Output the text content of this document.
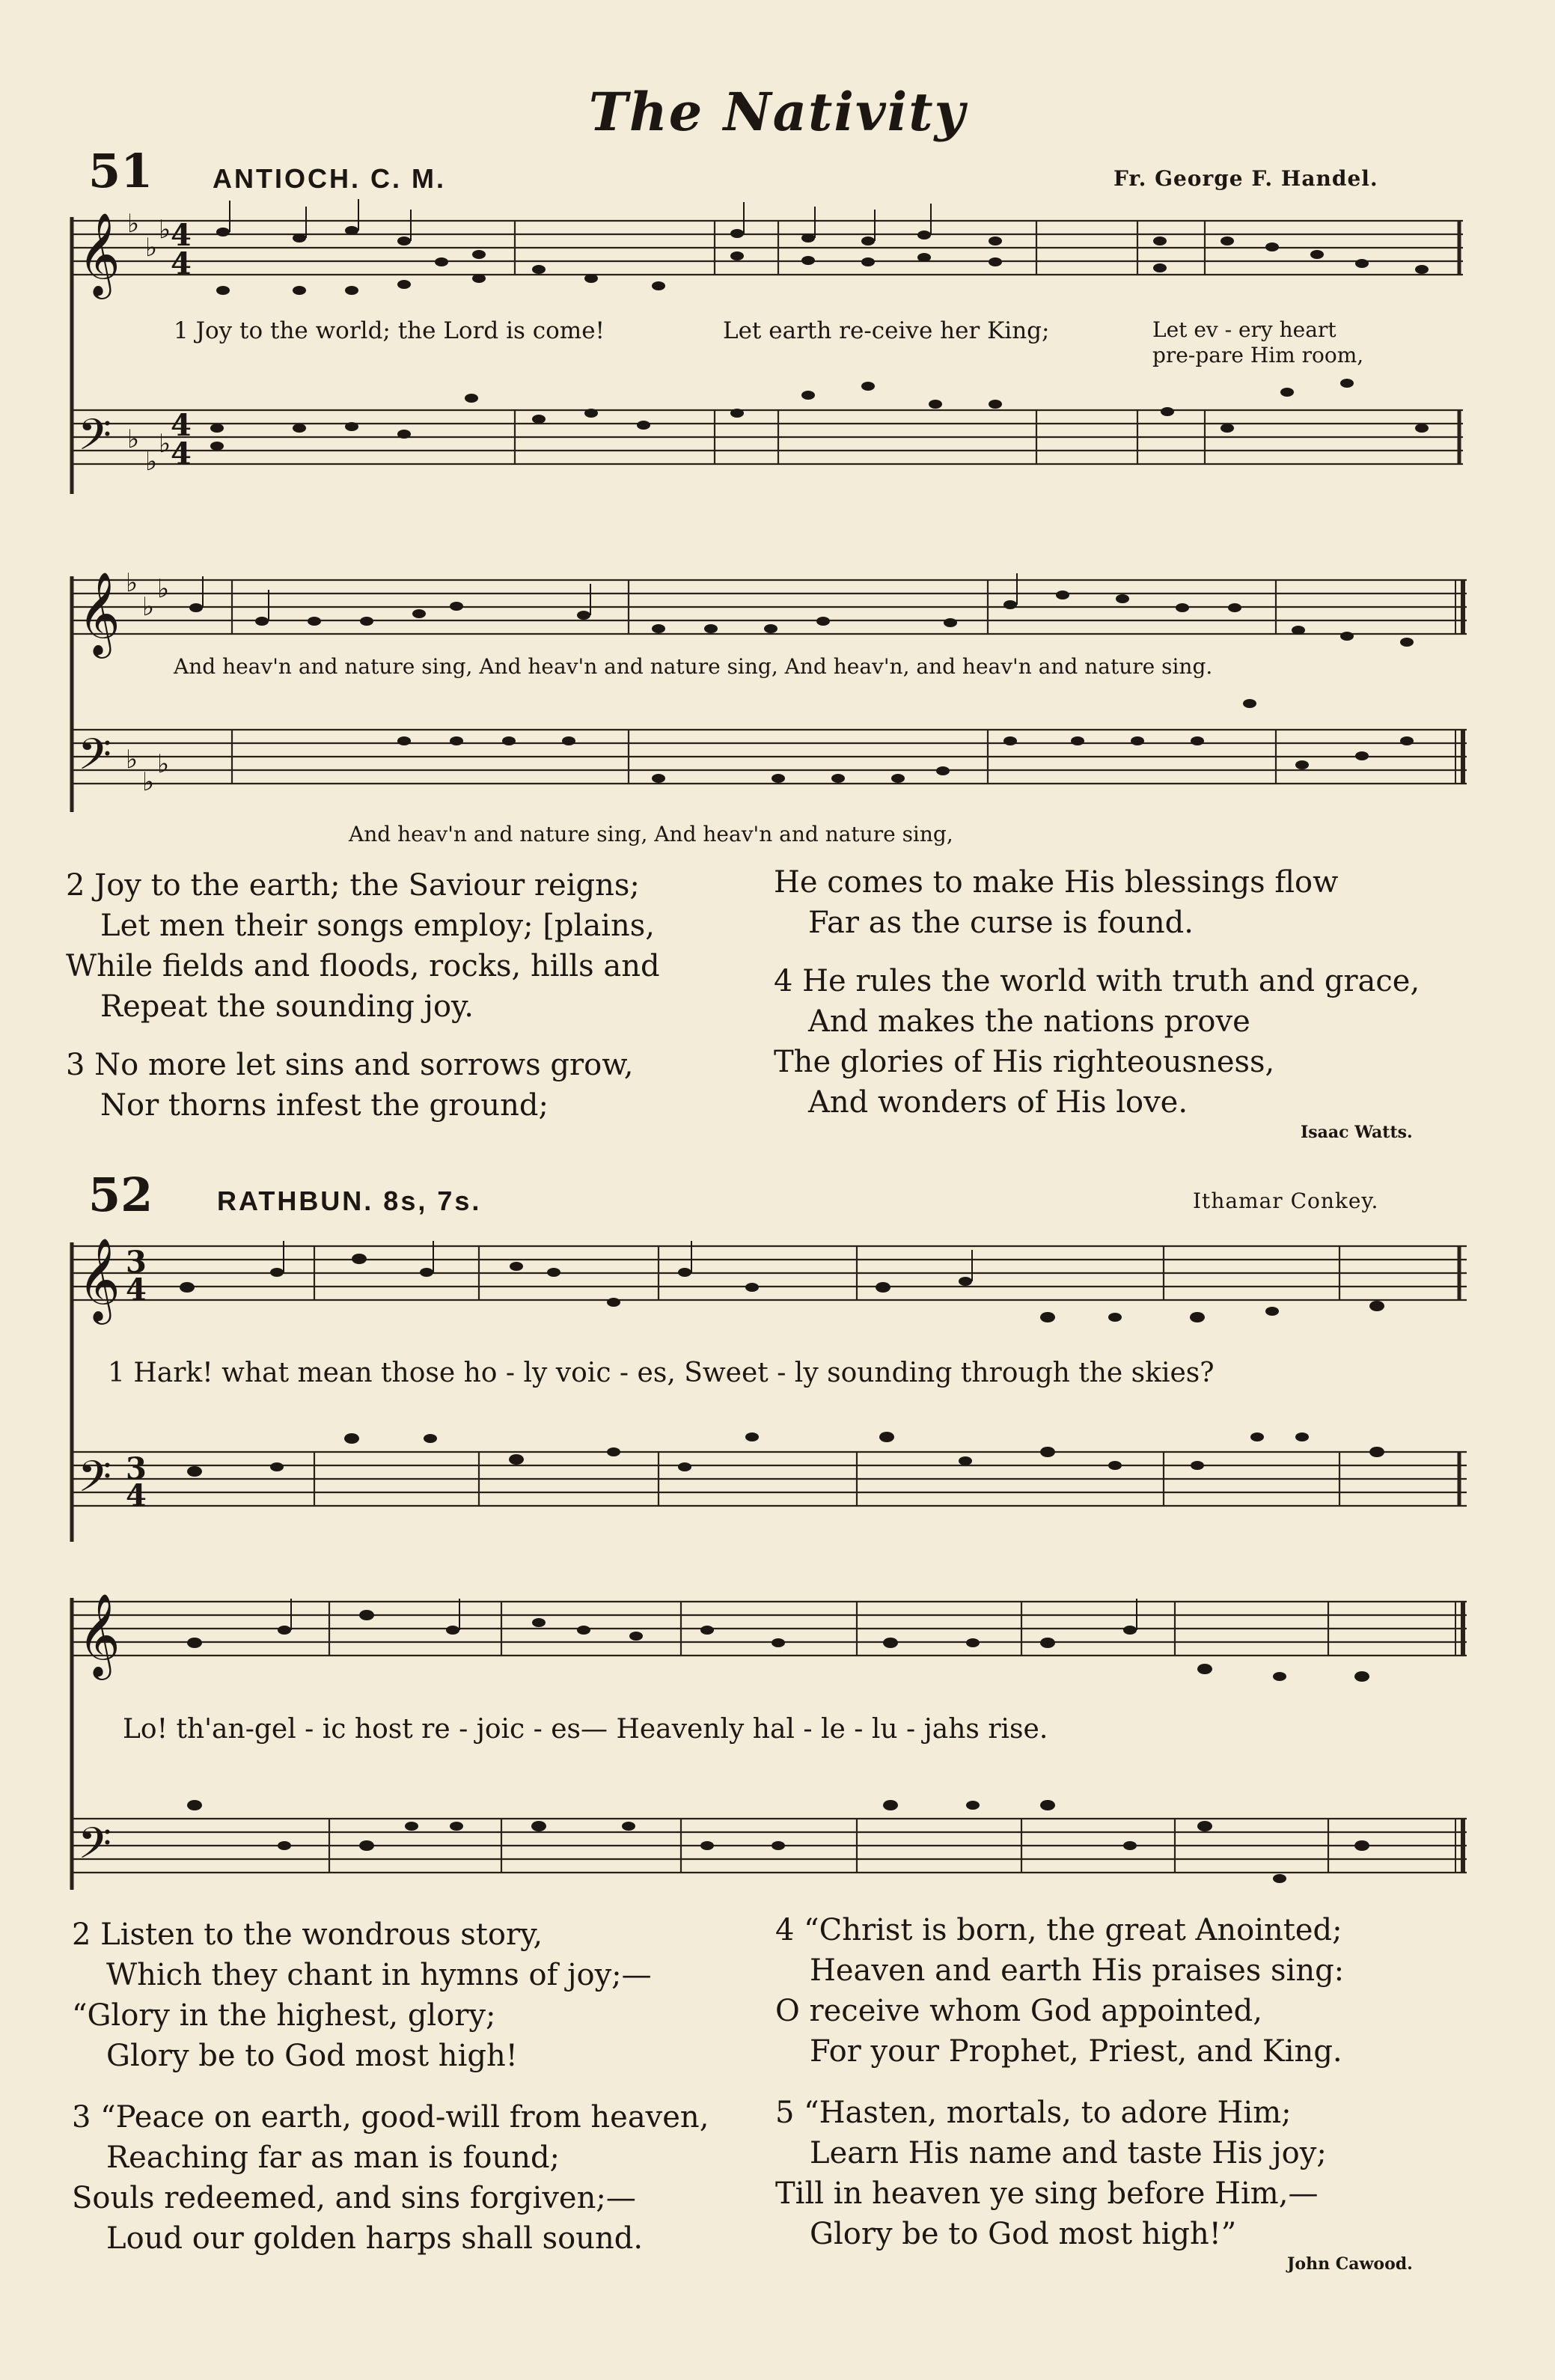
The Nativity
51 ANTIOCH. C. M.	Fr. George F. Handel.
𝄞
𝄢
𝄞
𝄢
𝄞
𝄢
𝄞
𝄢
4
4
4
4
3
4
3
4
♭
♭
♭
♭
♭
♭
♭
♭
♭
♭
♭
♭
1 Joy to the world; the Lord is come!	Let earth re-ceive her King;	Let ev - ery heart
pre-pare Him room,
And heav'n and nature sing, And heav'n and nature sing, And heav'n, and heav'n and nature sing.
And heav'n and nature sing, And heav'n and nature sing,
2 Joy to the earth; the Saviour reigns;
Let men their songs employ; [plains,
While fields and floods, rocks, hills and
Repeat the sounding joy.
3 No more let sins and sorrows grow,
Nor thorns infest the ground;
He comes to make His blessings flow
Far as the curse is found.
4 He rules the world with truth and grace,
And makes the nations prove
The glories of His righteousness,
And wonders of His love.
Isaac Watts.
52 RATHBUN. 8s, 7s.	Ithamar Conkey.
1 Hark! what mean those ho - ly voic - es, Sweet - ly sounding through the skies?
Lo! th'an-gel - ic host re - joic - es— Heavenly hal - le - lu - jahs rise.
2 Listen to the wondrous story,
Which they chant in hymns of joy;—
“Glory in the highest, glory;
Glory be to God most high!
3 “Peace on earth, good-will from heaven,
Reaching far as man is found;
Souls redeemed, and sins forgiven;—
Loud our golden harps shall sound.
4 “Christ is born, the great Anointed;
Heaven and earth His praises sing:
O receive whom God appointed,
For your Prophet, Priest, and King.
5 “Hasten, mortals, to adore Him;
Learn His name and taste His joy;
Till in heaven ye sing before Him,—
Glory be to God most high!”
John Cawood.
